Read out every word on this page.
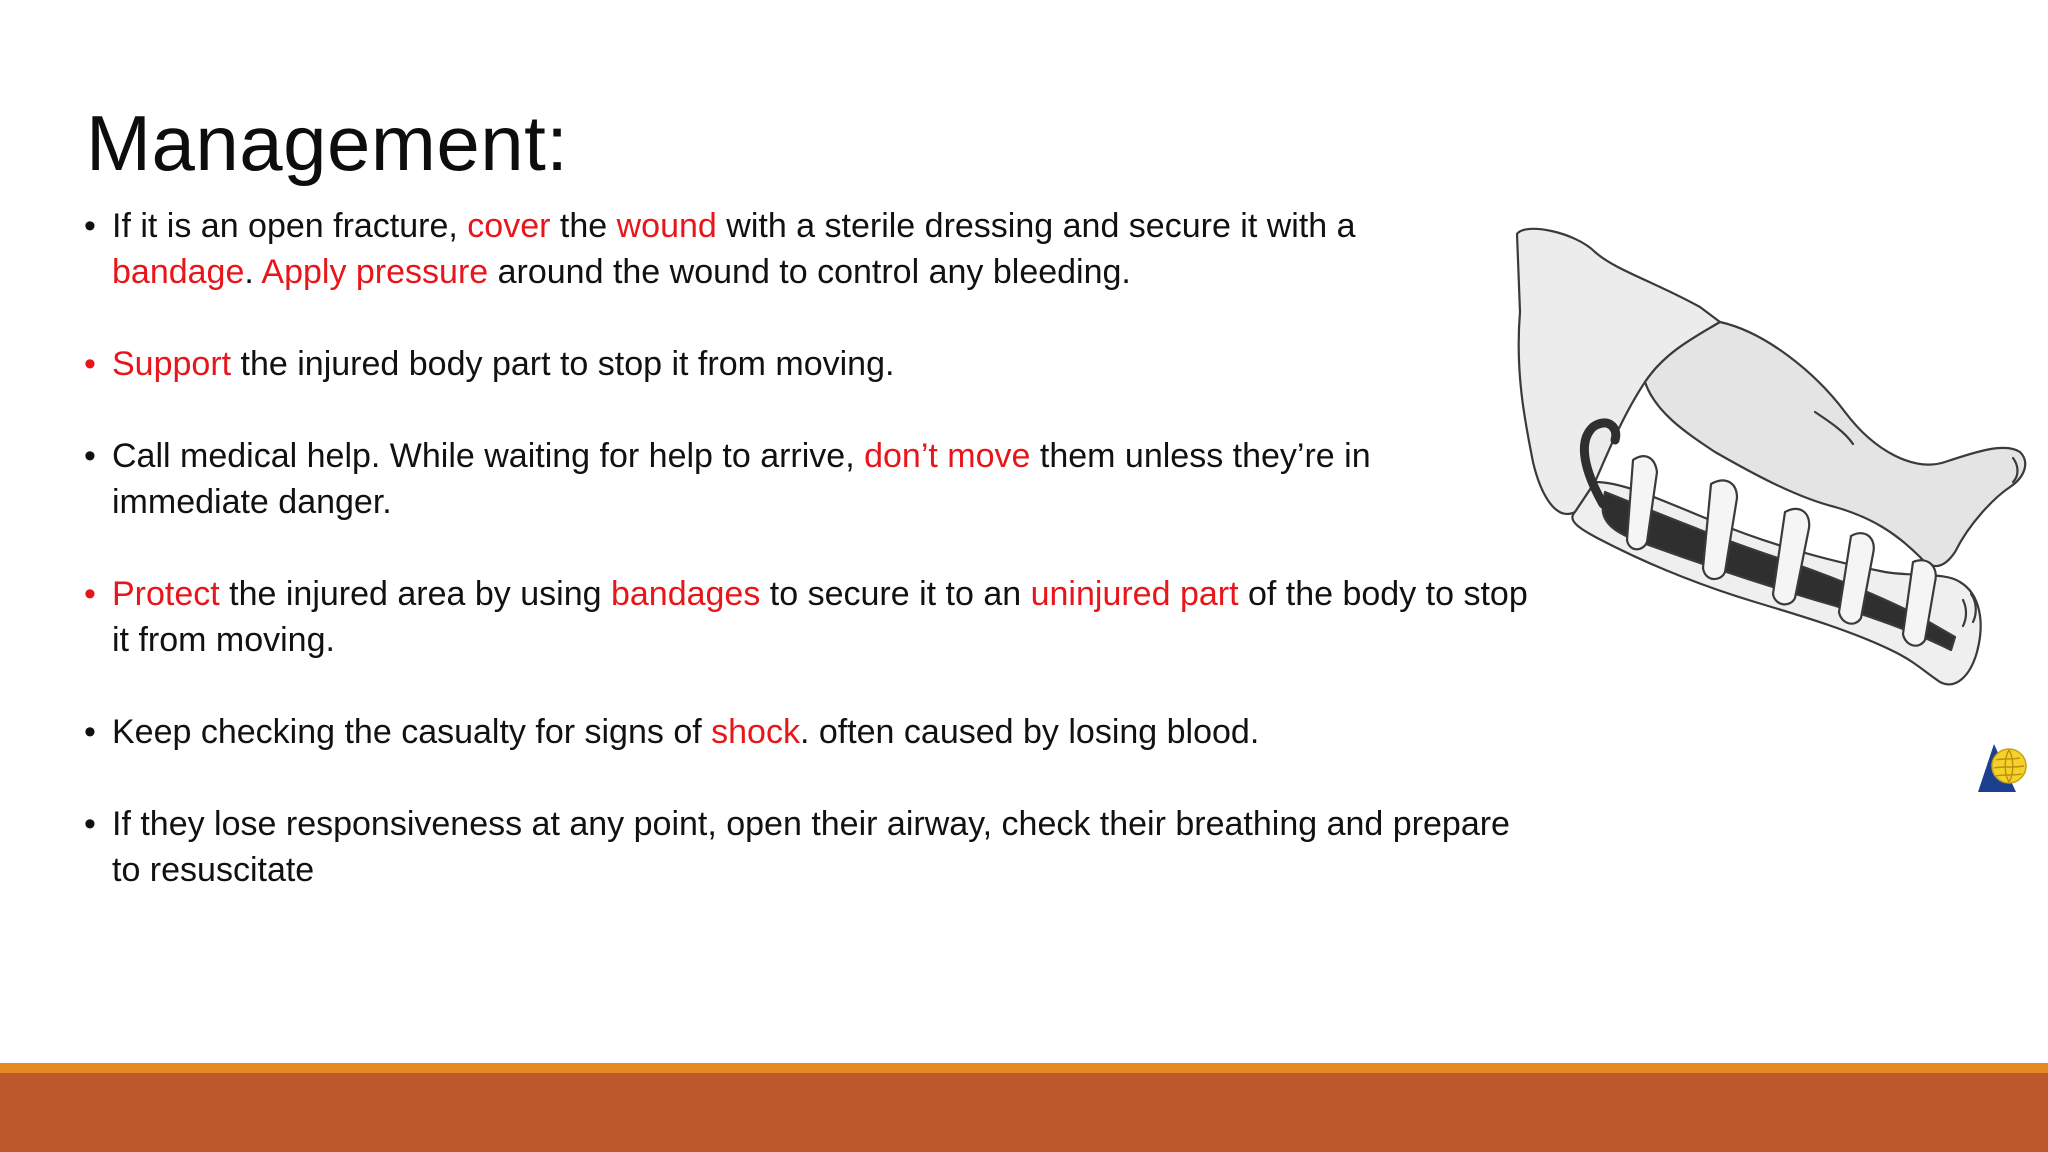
Management:
• If it is an open fracture, cover the wound with a sterile dressing and secure it with a
bandage. Apply pressure around the wound to control any bleeding.
• Support the injured body part to stop it from moving.
• Call medical help. While waiting for help to arrive, don’t move them unless they’re in immediate danger.
• Protect the injured area by using bandages to secure it to an uninjured part of the body to stop it from moving.
• Keep checking the casualty for signs of shock. often caused by losing blood.
• If they lose responsiveness at any point, open their airway, check their breathing and prepare to resuscitate
